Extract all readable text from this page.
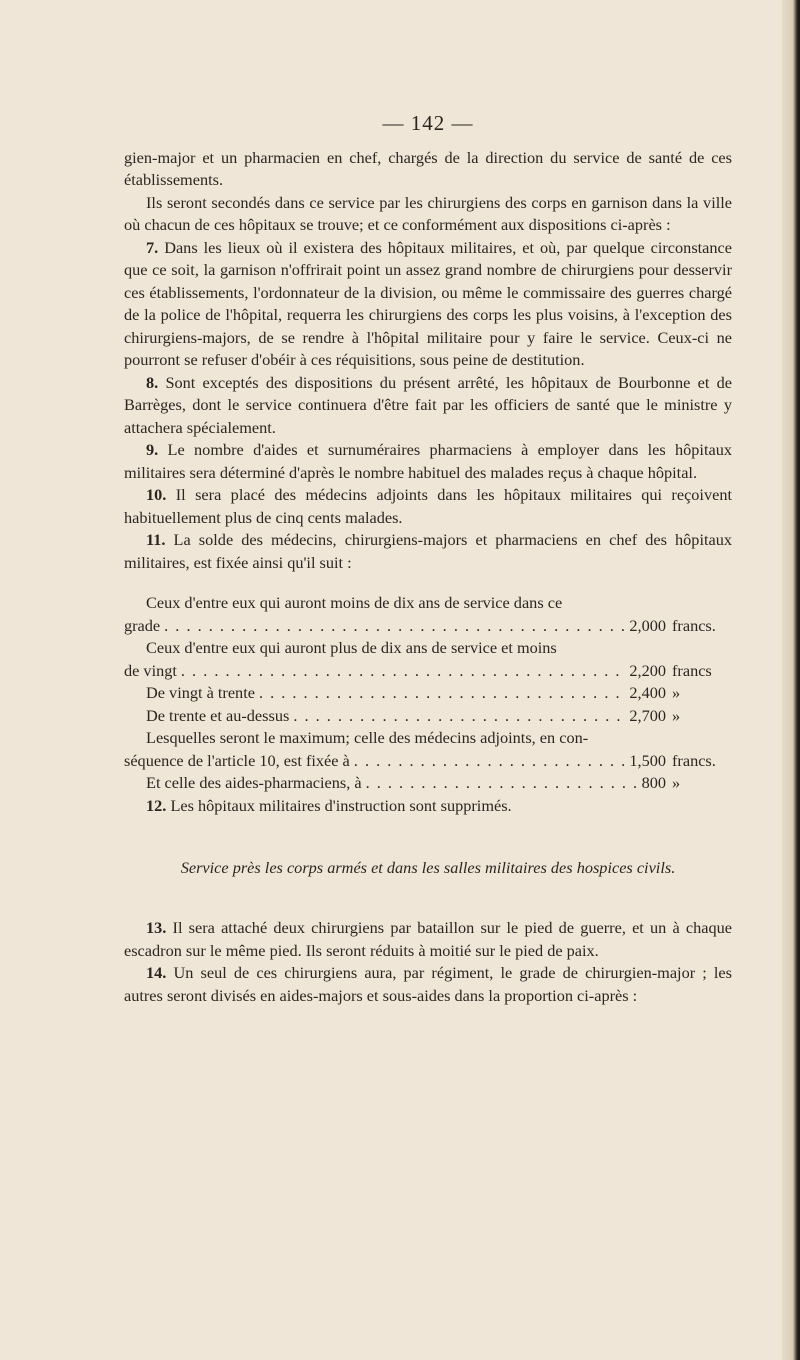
— 142 —

gien-major et un pharmacien en chef, chargés de la direction du service de santé de ces établissements.

Ils seront secondés dans ce service par les chirurgiens des corps en garnison dans la ville où chacun de ces hôpitaux se trouve; et ce conformément aux dispositions ci-après :

7. Dans les lieux où il existera des hôpitaux militaires, et où, par quelque circonstance que ce soit, la garnison n'offrirait point un assez grand nombre de chirurgiens pour desservir ces établissements, l'ordonnateur de la division, ou même le commissaire des guerres chargé de la police de l'hôpital, requerra les chirurgiens des corps les plus voisins, à l'exception des chirurgiens-majors, de se rendre à l'hôpital militaire pour y faire le service. Ceux-ci ne pourront se refuser d'obéir à ces réquisitions, sous peine de destitution.

8. Sont exceptés des dispositions du présent arrêté, les hôpitaux de Bourbonne et de Barrèges, dont le service continuera d'être fait par les officiers de santé que le ministre y attachera spécialement.

9. Le nombre d'aides et surnuméraires pharmaciens à employer dans les hôpitaux militaires sera déterminé d'après le nombre habituel des malades reçus à chaque hôpital.

10. Il sera placé des médecins adjoints dans les hôpitaux militaires qui reçoivent habituellement plus de cinq cents malades.

11. La solde des médecins, chirurgiens-majors et pharmaciens en chef des hôpitaux militaires, est fixée ainsi qu'il suit :

Ceux d'entre eux qui auront moins de dix ans de service dans ce

grade . . .	2,000 francs.

Ceux d'entre eux qui auront plus de dix ans de service et moins

de vingt . . .	2,200 francs
De vingt à trente . . .	2,400 »
De trente et au-dessus . . .	2,700 »

Lesquelles seront le maximum; celle des médecins adjoints, en con-

séquence de l'article 10, est fixée à . . .	1,500 francs.
Et celle des aides-pharmaciens, à . . .	800 »

12. Les hôpitaux militaires d'instruction sont supprimés.

Service près les corps armés et dans les salles militaires des hospices civils.

13. Il sera attaché deux chirurgiens par bataillon sur le pied de guerre, et un à chaque escadron sur le même pied. Ils seront réduits à moitié sur le pied de paix.

14. Un seul de ces chirurgiens aura, par régiment, le grade de chirurgien-major ; les autres seront divisés en aides-majors et sous-aides dans la proportion ci-après :
